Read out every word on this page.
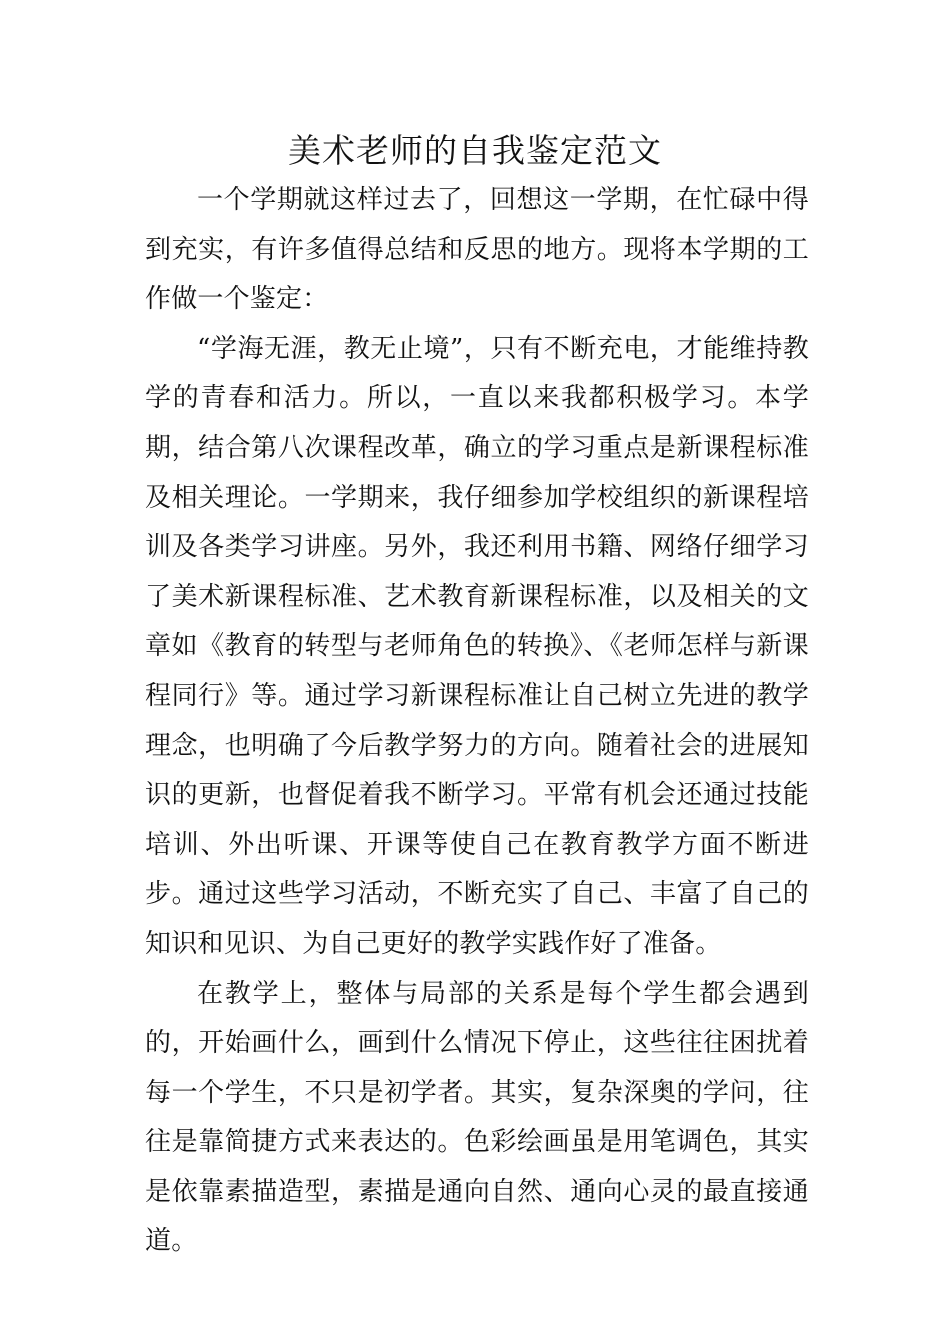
美术老师的自我鉴定范文

一个学期就这样过去了，回想这一学期，在忙碌中得到充实，有许多值得总结和反思的地方。现将本学期的工作做一个鉴定：

“学海无涯，教无止境”，只有不断充电，才能维持教学的青春和活力。所以，一直以来我都积极学习。本学期，结合第八次课程改革，确立的学习重点是新课程标准及相关理论。一学期来，我仔细参加学校组织的新课程培训及各类学习讲座。另外，我还利用书籍、网络仔细学习了美术新课程标准、艺术教育新课程标准，以及相关的文章如《教育的转型与老师角色的转换》、《老师怎样与新课程同行》等。通过学习新课程标准让自己树立先进的教学理念，也明确了今后教学努力的方向。随着社会的进展知识的更新，也督促着我不断学习。平常有机会还通过技能培训、外出听课、开课等使自己在教育教学方面不断进步。通过这些学习活动，不断充实了自己、丰富了自己的知识和见识、为自己更好的教学实践作好了准备。

在教学上，整体与局部的关系是每个学生都会遇到的，开始画什么，画到什么情况下停止，这些往往困扰着每一个学生，不只是初学者。其实，复杂深奥的学问，往往是靠简捷方式来表达的。色彩绘画虽是用笔调色，其实是依靠素描造型，素描是通向自然、通向心灵的最直接通道。
